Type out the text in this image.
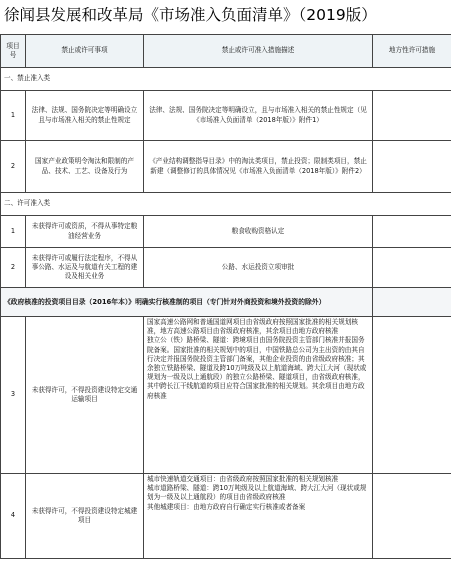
徐闻县发展和改革局《市场准入负面清单》（2019版）
项目号	禁止或许可事项	禁止或许可准入措施描述	地方性许可措施
一、禁止准入类			
1	法律、法规、国务院决定等明确设立且与市场准入相关的禁止性规定	法律、法规、国务院决定等明确设立，且与市场准入相关的禁止性规定（见《市场准入负面清单（2018年版）》附件1）	
2	国家产业政策明令淘汰和限制的产品、技术、工艺、设备及行为	《产业结构调整指导目录》中的淘汰类项目，禁止投资；限制类项目，禁止新建（调整修订的具体情况见《市场准入负面清单（2018年版）》附件2）	
二、许可准入类			
1	未获得许可或资质，不得从事特定粮油经营业务	粮食收购资格认定	
2	未获得许可或履行法定程序，不得从事公路、水运及与航道有关工程的建设及相关业务	公路、水运投资立项审批	
《政府核准的投资项目目录（2016年本）》明确实行核准制的项目（专门针对外商投资和境外投资的除外）			
3	未获得许可，不得投资建设特定交通运输项目	国家高速公路网和普通国道网项目由省级政府按照国家批准的相关规划核准，地方高速公路项目由省级政府核准，其余项目由地方政府核准
独立公（铁）路桥梁、隧道：跨境项目由国务院投资主管部门核准并报国务院备案。国家批准的相关规划中的项目，中国铁路总公司为主出资的由其自行决定并报国务院投资主管部门备案，其他企业投资的由省级政府核准；其余独立铁路桥梁、隧道及跨10万吨级及以上航道海域、跨大江大河（现状或规划为一级及以上通航段）的独立公路桥梁、隧道项目，由省级政府核准，其中跨长江干线航道的项目应符合国家批准的相关规划。其余项目由地方政府核准	

4	未获得许可，不得投资建设特定城建项目	城市快速轨道交通项目：由省级政府按照国家批准的相关规划核准
城市道路桥梁、隧道：跨10万吨级及以上航道海域、跨大江大河（现状或规划为一级及以上通航段）的项目由省级政府核准
其他城建项目：由地方政府自行确定实行核准或者备案	
